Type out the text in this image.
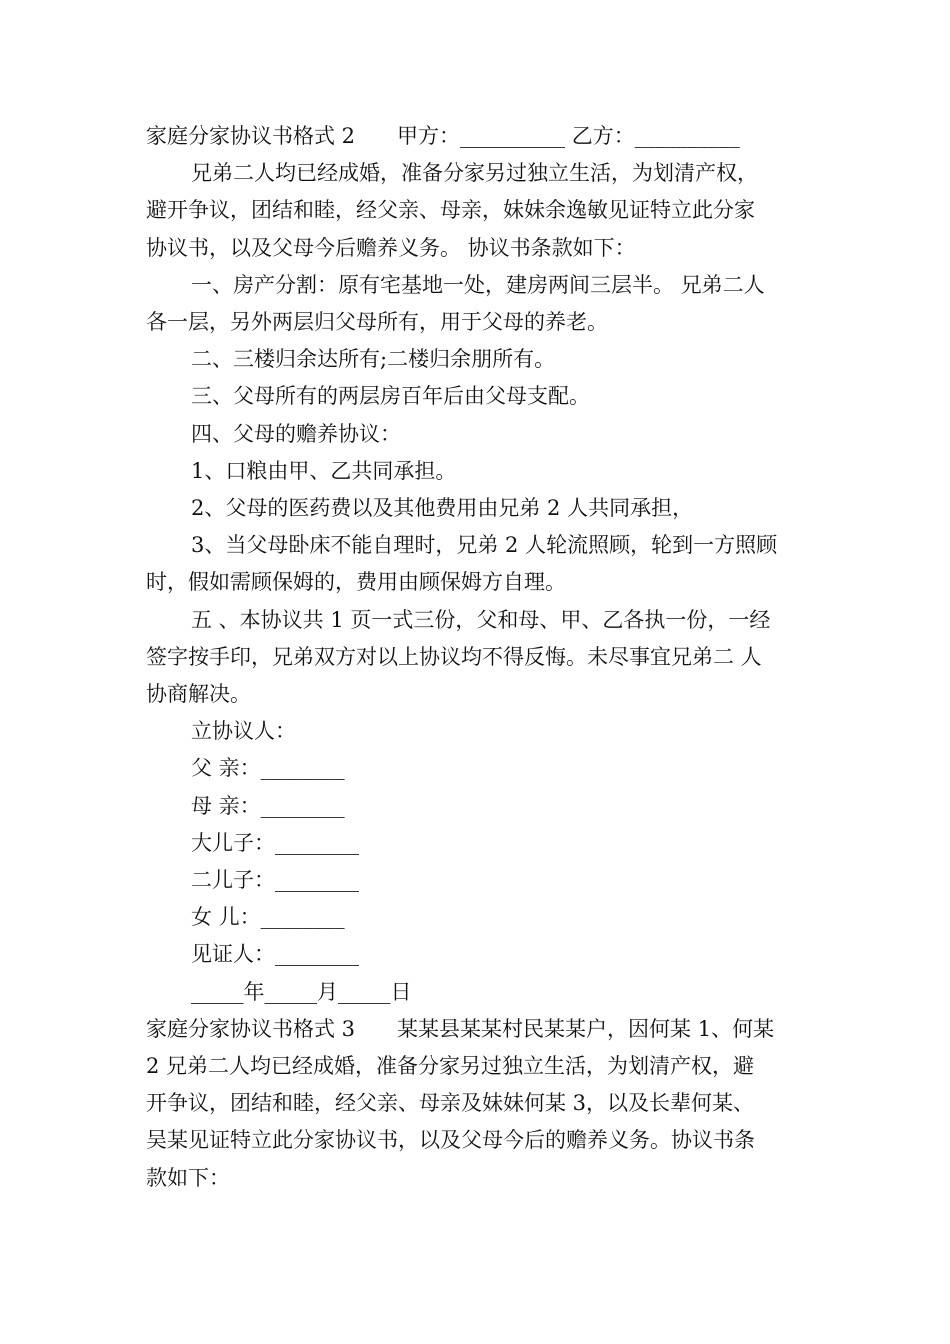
家庭分家协议书格式 2　　甲方：__________ 乙方：__________

兄弟二人均已经成婚，准备分家另过独立生活，为划清产权，

避开争议，团结和睦，经父亲、母亲，妹妹余逸敏见证特立此分家

协议书，以及父母今后赡养义务。 协议书条款如下：

一、房产分割：原有宅基地一处，建房两间三层半。 兄弟二人

各一层，另外两层归父母所有，用于父母的养老。

二、三楼归余达所有;二楼归余朋所有。

三、父母所有的两层房百年后由父母支配。

四、父母的赡养协议：

1、口粮由甲、乙共同承担。

2、父母的医药费以及其他费用由兄弟 2 人共同承担，

3、当父母卧床不能自理时，兄弟 2 人轮流照顾，轮到一方照顾

时，假如需顾保姆的，费用由顾保姆方自理。

五 、本协议共 1 页一式三份，父和母、甲、乙各执一份，一经

签字按手印，兄弟双方对以上协议均不得反悔。未尽事宜兄弟二 人

协商解决。

立协议人：

父 亲：________

母 亲：________

大儿子：________

二儿子：________

女 儿：________

见证人：________

_____年_____月_____日

家庭分家协议书格式 3　　某某县某某村民某某户，因何某 1、何某

2 兄弟二人均已经成婚，准备分家另过独立生活，为划清产权，避

开争议，团结和睦，经父亲、母亲及妹妹何某 3，以及长辈何某、

吴某见证特立此分家协议书，以及父母今后的赡养义务。协议书条

款如下：
